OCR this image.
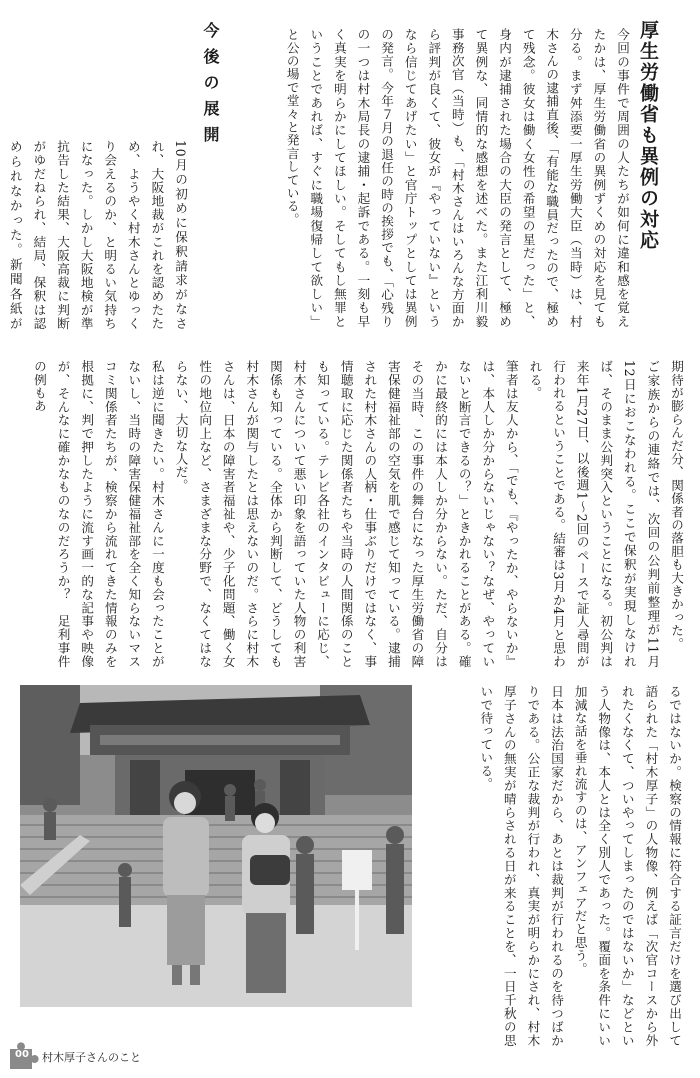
厚生労働省も異例の対応
今回の事件で周囲の人たちが如何に違和感を覚えたかは、厚生労働省の異例ずくめの対応を見ても分る。まず舛添要一厚生労働大臣（当時）は、村木さんの逮捕直後、「有能な職員だったので、極めて残念。彼女は働く女性の希望の星だった」と、身内が逮捕された場合の大臣の発言として、極めて異例な、同情的な感想を述べた。また江利川毅事務次官（当時）も、「村木さんはいろんな方面から評判が良くて、彼女が『やっていない』というなら信じてあげたい」と官庁トップとしては異例の発言。今年７月の退任の時の挨拶でも、「心残りの一つは村木局長の逮捕・起訴である。一刻も早く真実を明らかにしてほしい。そしてもし無罪ということであれば、すぐに職場復帰して欲しい」と公の場で堂々と発言している。
今後の展開
10月の初めに保釈請求がなされ、大阪地裁がこれを認めたため、ようやく村木さんとゆっくり会えるのか、と明るい気持ちになった。しかし大阪地検が準抗告した結果、大阪高裁に判断がゆだねられ、結局、保釈は認められなかった。新聞各紙が
期待が膨らんだ分、関係者の落胆も大きかった。
ご家族からの連絡では、次回の公判前整理が11月12日におこなわれる。ここで保釈が実現しなければ、そのまま公判突入ということになる。初公判は来年1月27日、以後週1～2回のペースで証人尋問が行われるということである。結審は3月か4月と思われる。
筆者は友人から、「でも、『やったか、やらないか』は、本人しか分からないじゃない？なぜ、やっていないと断言できるの？」ときかれることがある。確かに最終的には本人しか分からない。ただ、自分はその当時、この事件の舞台になった厚生労働省の障害保健福祉部の空気を肌で感じて知っている。逮捕された村木さんの人柄・仕事ぶりだけではなく、事情聴取に応じた関係者たちや当時の人間関係のことも知っている。テレビ各社のインタビューに応じ、村木さんについて悪い印象を語っていた人物の利害関係も知っている。全体から判断して、どうしても村木さんが関与したとは思えないのだ。さらに村木さんは、日本の障害者福祉や、少子化問題、働く女性の地位向上など、さまざまな分野で、なくてはならない、大切な人だ。
私は逆に聞きたい。村木さんに一度も会ったことがないし、当時の障害保健福祉部を全く知らないマスコミ関係者たちが、検察から流れてきた情報のみを根拠に、判で押したように流す画一的な記事や映像が、そんなに確かなものなのだろうか？　足利事件の例もあ
るではないか。検察の情報に符合する証言だけを選び出して語られた「村木厚子」の人物像、例えば「次官コースから外れたくなくて、ついやってしまったのではないか」などという人物像は、本人とは全く別人であった。覆面を条件にいい加減な話を垂れ流すのは、アンフェアだと思う。
日本は法治国家だから、あとは裁判が行われるのを待つばかりである。公正な裁判が行われ、真実が明らかにされ、村木厚子さんの無実が晴らされる日が来ることを、一日千秋の思いで待っている。
00	村木厚子さんのこと
